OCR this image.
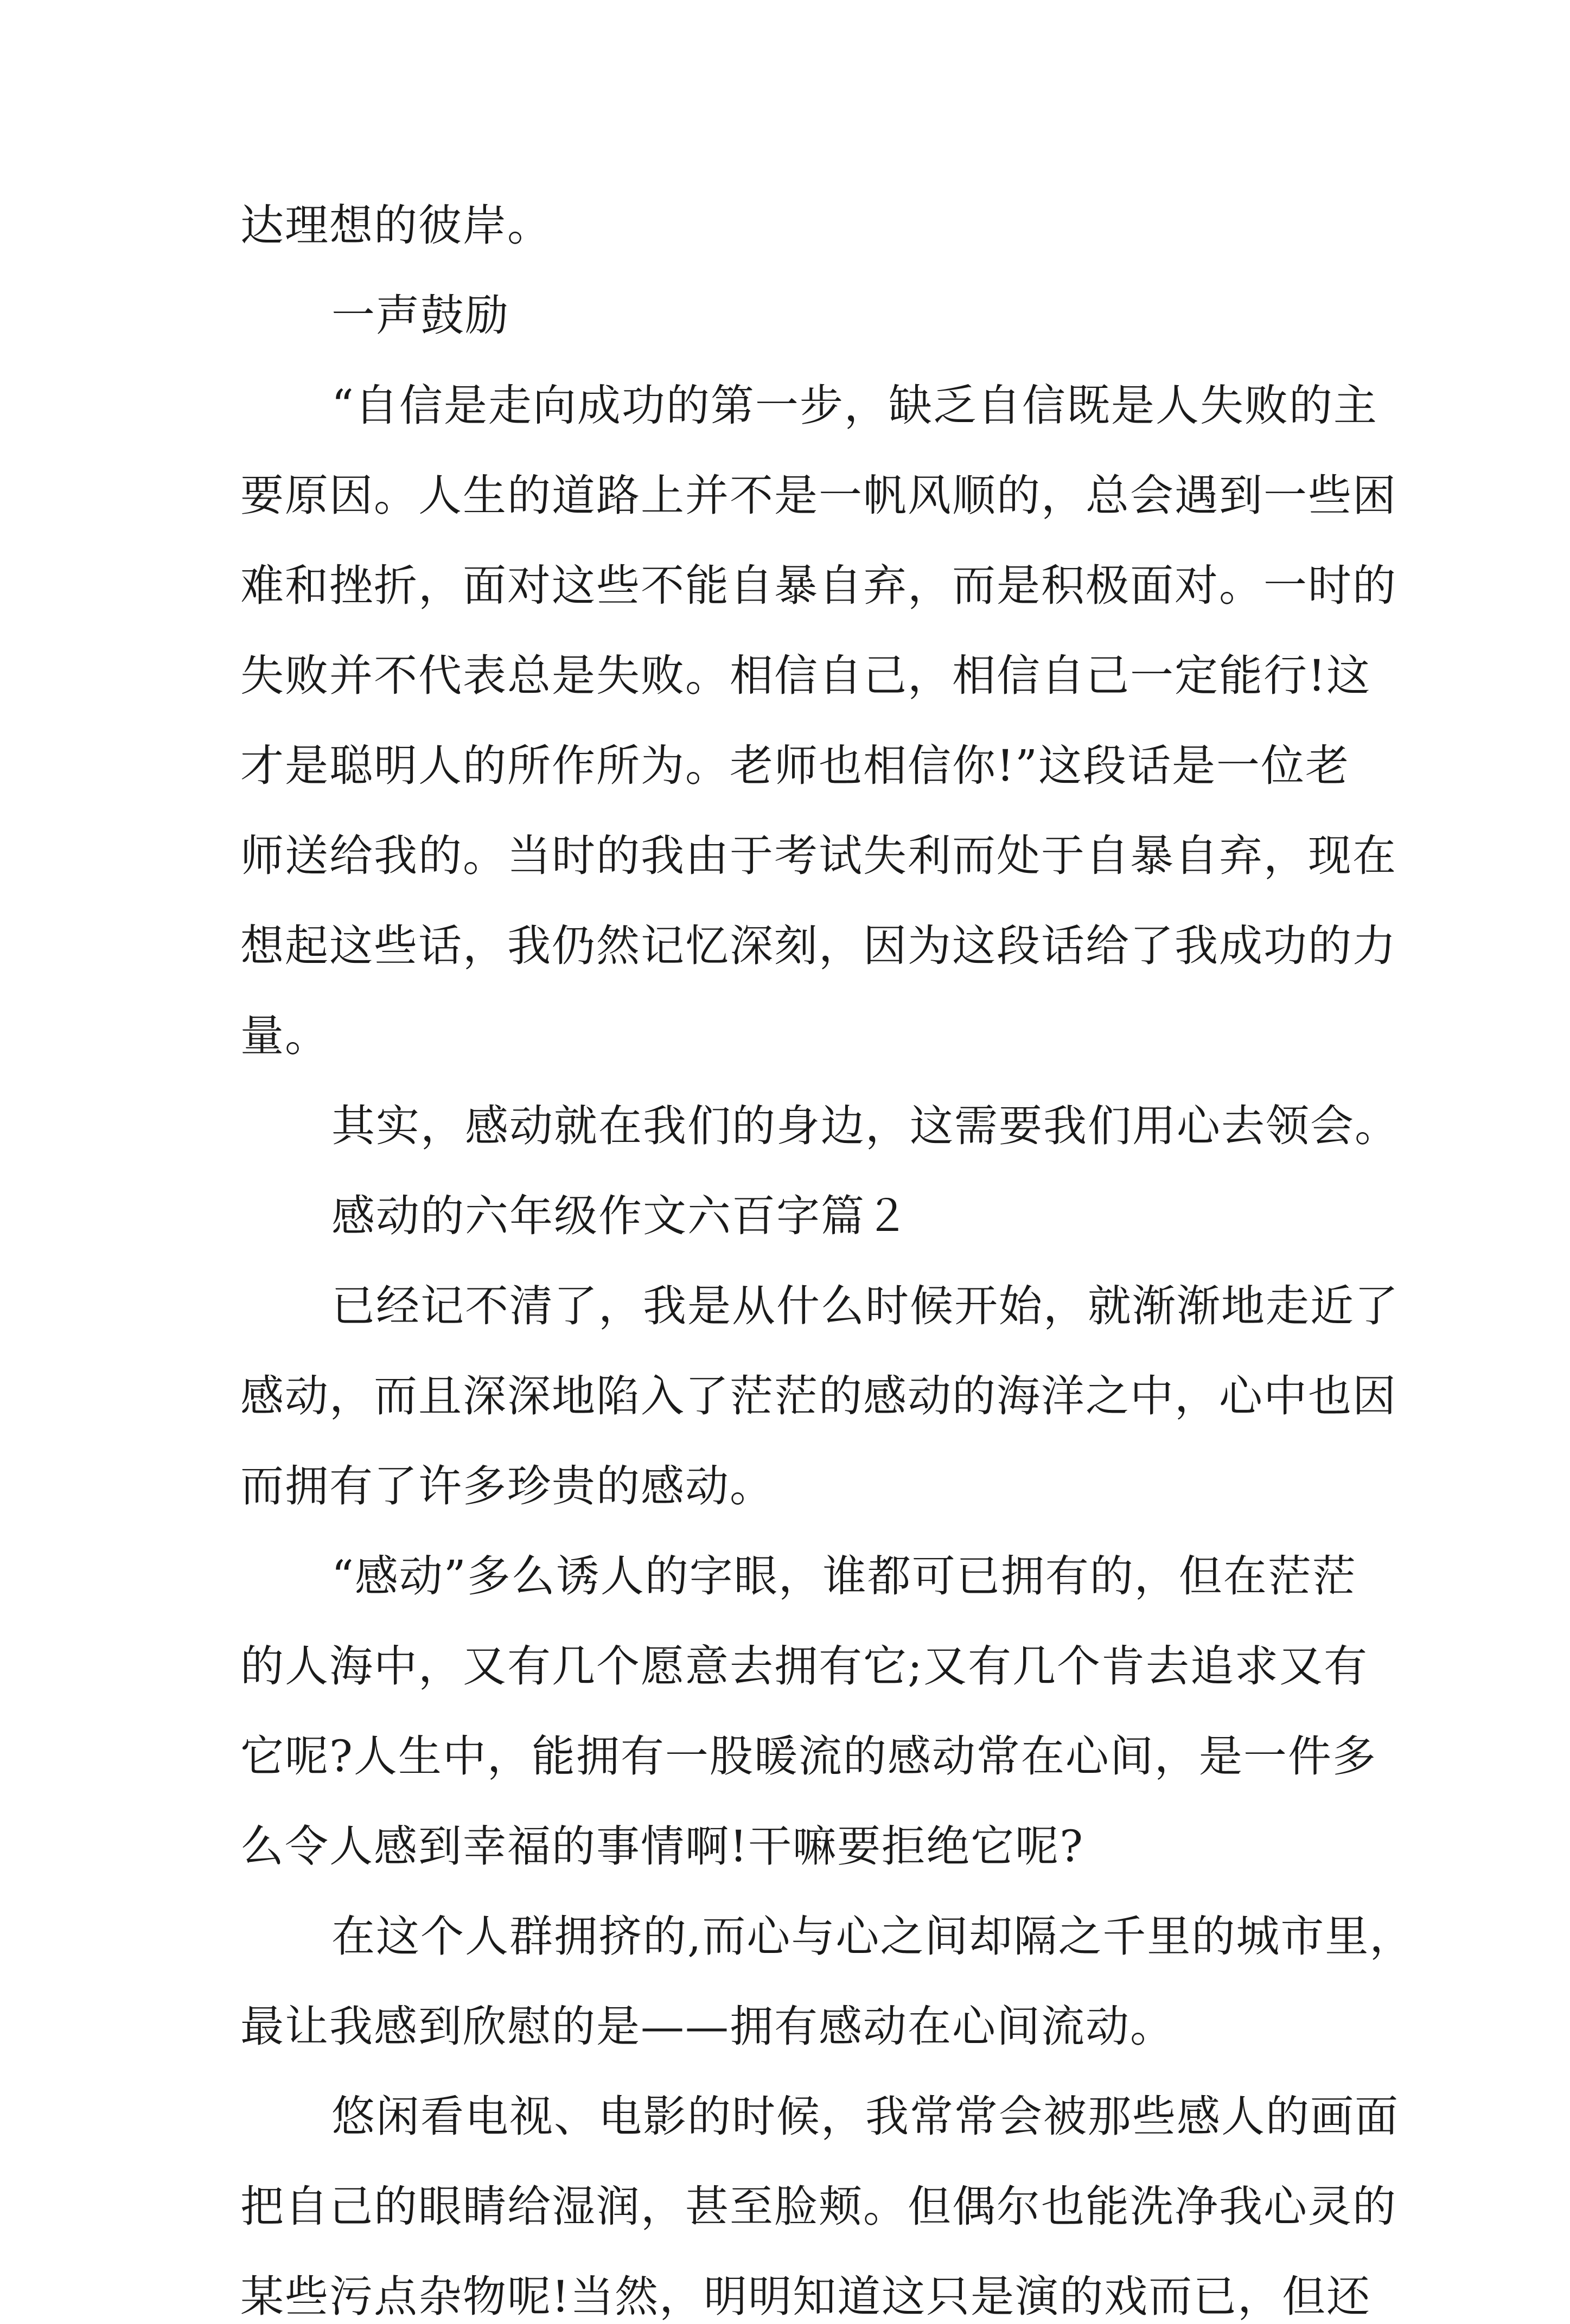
达理想的彼岸。
一声鼓励
“自信是走向成功的第一步，缺乏自信既是人失败的主
要原因。人生的道路上并不是一帆风顺的，总会遇到一些困
难和挫折，面对这些不能自暴自弃，而是积极面对。一时的
失败并不代表总是失败。相信自己，相信自己一定能行!这
才是聪明人的所作所为。老师也相信你!”这段话是一位老
师送给我的。当时的我由于考试失利而处于自暴自弃，现在
想起这些话，我仍然记忆深刻，因为这段话给了我成功的力
量。
其实，感动就在我们的身边，这需要我们用心去领会。
感动的六年级作文六百字篇２
已经记不清了，我是从什么时候开始，就渐渐地走近了
感动，而且深深地陷入了茫茫的感动的海洋之中，心中也因
而拥有了许多珍贵的感动。
“感动”多么诱人的字眼，谁都可已拥有的，但在茫茫
的人海中，又有几个愿意去拥有它;又有几个肯去追求又有
它呢?人生中，能拥有一股暖流的感动常在心间，是一件多
么令人感到幸福的事情啊!干嘛要拒绝它呢?
在这个人群拥挤的,而心与心之间却隔之千里的城市里，
最让我感到欣慰的是——拥有感动在心间流动。
悠闲看电视、电影的时候，我常常会被那些感人的画面
把自己的眼睛给湿润，甚至脸颊。但偶尔也能洗净我心灵的
某些污点杂物呢!当然，明明知道这只是演的戏而已，但还
